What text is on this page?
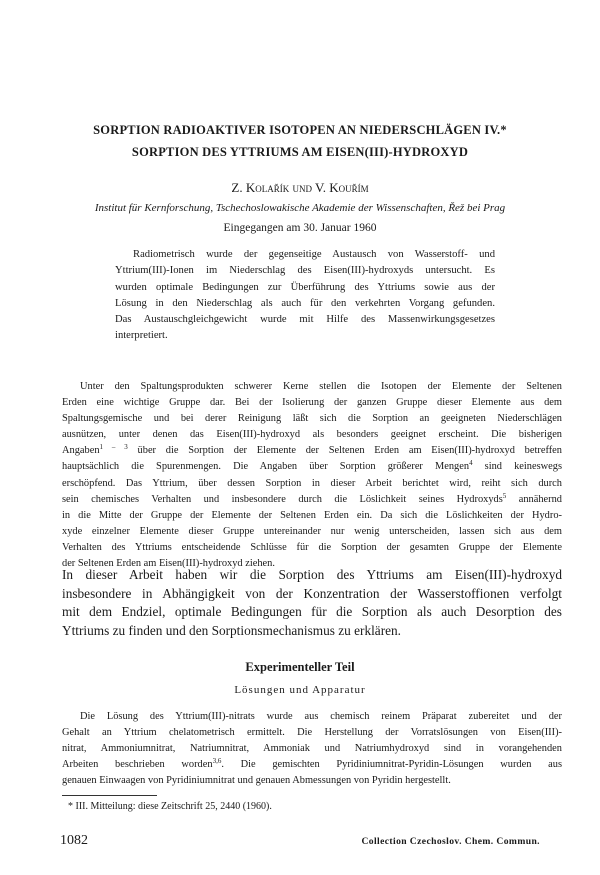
SORPTION RADIOAKTIVER ISOTOPEN AN NIEDERSCHLÄGEN IV.*
SORPTION DES YTTRIUMS AM EISEN(III)-HYDROXYD
Z. Kolařík und V. Kouřím
Institut für Kernforschung, Tschechoslowakische Akademie der Wissenschaften, Řež bei Prag
Eingegangen am 30. Januar 1960
Radiometrisch wurde der gegenseitige Austausch von Wasserstoff- und
Yttrium(III)-Ionen im Niederschlag des Eisen(III)-hydroxyds untersucht. Es
wurden optimale Bedingungen zur Überführung des Yttriums sowie aus der
Lösung in den Niederschlag als auch für den verkehrten Vorgang gefunden.
Das Austauschgleichgewicht wurde mit Hilfe des Massenwirkungsgesetzes
interpretiert.
Unter den Spaltungsprodukten schwerer Kerne stellen die Isotopen der Elemente der Seltenen
Erden eine wichtige Gruppe dar. Bei der Isolierung der ganzen Gruppe dieser Elemente aus dem
Spaltungsgemische und bei derer Reinigung läßt sich die Sorption an geeigneten Niederschlägen
ausnützen, unter denen das Eisen(III)-hydroxyd als besonders geeignet erscheint. Die bisherigen
Angaben$^{1 - 3}$ über die Sorption der Elemente der Seltenen Erden am Eisen(III)-hydroxyd betreffen
hauptsächlich die Spurenmengen. Die Angaben über Sorption größerer Mengen$^4$ sind keineswegs
erschöpfend. Das Yttrium, über dessen Sorption in dieser Arbeit berichtet wird, reiht sich durch
sein chemisches Verhalten und insbesondere durch die Löslichkeit seines Hydroxyds$^5$ annähernd
in die Mitte der Gruppe der Elemente der Seltenen Erden ein. Da sich die Löslichkeiten der Hydro-
xyde einzelner Elemente dieser Gruppe untereinander nur wenig unterscheiden, lassen sich aus dem
Verhalten des Yttriums entscheidende Schlüsse für die Sorption der gesamten Gruppe der Elemente
der Seltenen Erden am Eisen(III)-hydroxyd ziehen.
In dieser Arbeit haben wir die Sorption des Yttriums am Eisen(III)-hydroxyd
insbesondere in Abhängigkeit von der Konzentration der Wasserstoffionen verfolgt
mit dem Endziel, optimale Bedingungen für die Sorption als auch Desorption des
Yttriums zu finden und den Sorptionsmechanismus zu erklären.
Experimenteller Teil
Lösungen und Apparatur
Die Lösung des Yttrium(III)-nitrats wurde aus chemisch reinem Präparat zubereitet und der
Gehalt an Yttrium chelatometrisch ermittelt. Die Herstellung der Vorratslösungen von Eisen(III)-
nitrat, Ammoniumnitrat, Natriumnitrat, Ammoniak und Natriumhydroxyd sind in vorangehenden
Arbeiten beschrieben worden$^{3,6}$. Die gemischten Pyridiniumnitrat-Pyridin-Lösungen wurden aus
genauen Einwaagen von Pyridiniumnitrat und genauen Abmessungen von Pyridin hergestellt.
* III. Mitteilung: diese Zeitschrift 25, 2440 (1960).
1082	Collection Czechoslov. Chem. Commun.
